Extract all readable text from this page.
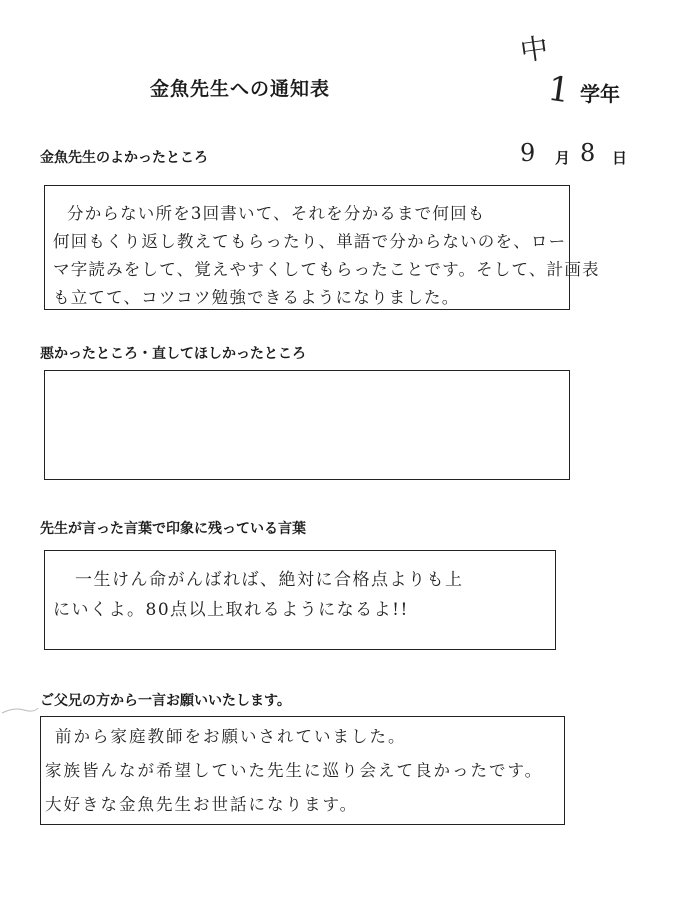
金魚先生への通知表
中
1 学年
9 月 8 日
金魚先生のよかったところ
分からない所を3回書いて、それを分かるまで何回も
何回もくり返し教えてもらったり、単語で分からないのを、ロー
マ字読みをして、覚えやすくしてもらったことです。そして、計画表
も立てて、コツコツ勉強できるようになりました。
悪かったところ・直してほしかったところ
先生が言った言葉で印象に残っている言葉
一生けん命がんばれば、絶対に合格点よりも上
にいくよ。80点以上取れるようになるよ!!
ご父兄の方から一言お願いいたします。
前から家庭教師をお願いされていました。
家族皆んなが希望していた先生に巡り会えて良かったです。
大好きな金魚先生お世話になります。
